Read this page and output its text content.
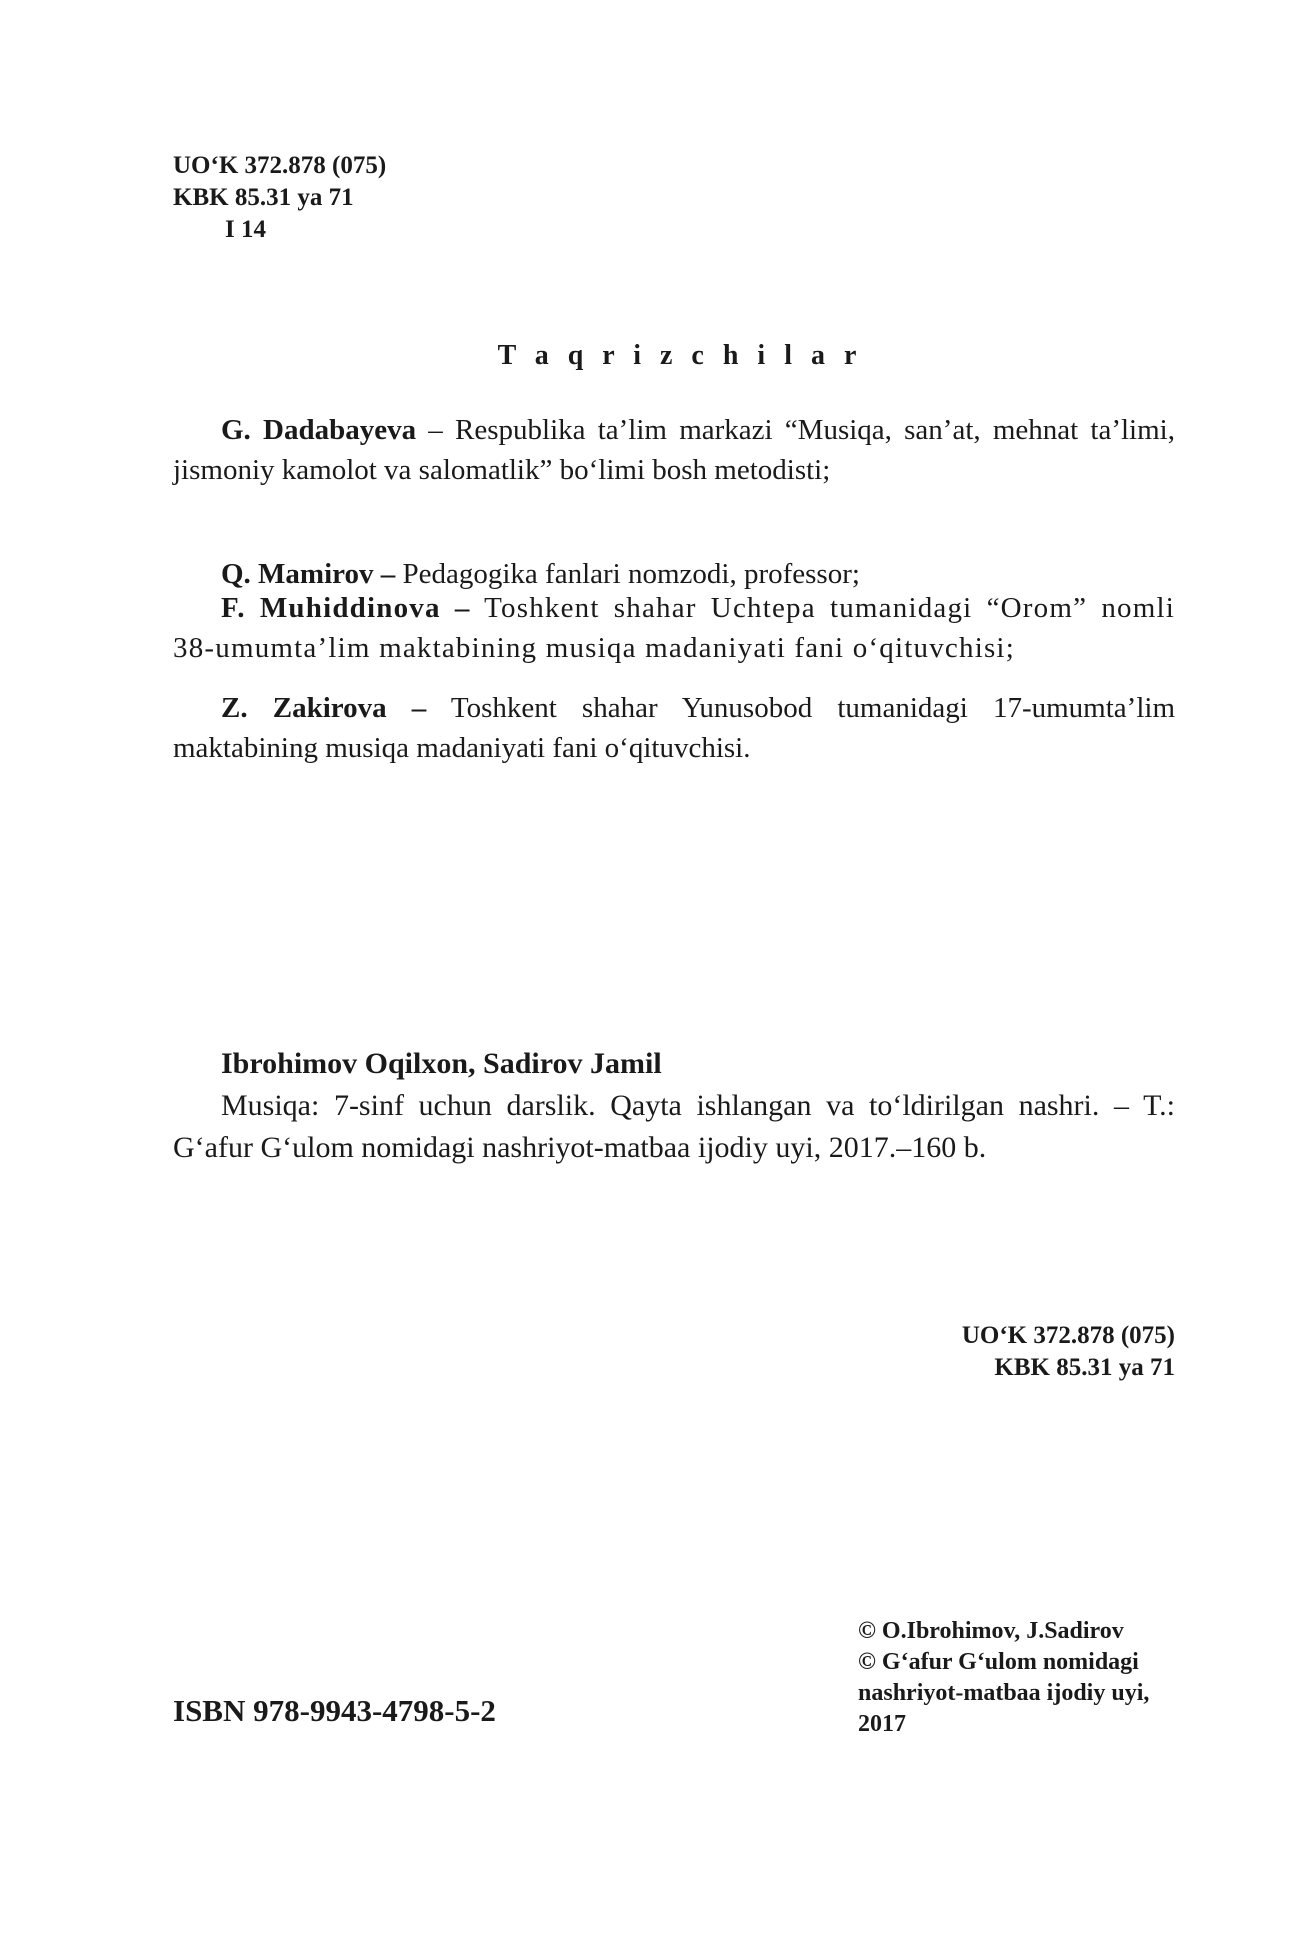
UO‘K 372.878 (075)
KBK 85.31 ya 71
I 14
T a q r i z c h i l a r
G. Dadabayeva – Respublika ta’lim markazi “Musiqa, san’at, mehnat ta’limi, jismoniy kamolot va salomatlik” bo‘limi bosh metodisti;
Q. Mamirov – Pedagogika fanlari nomzodi, professor;
F. Muhiddinova – Toshkent shahar Uchtepa tumanidagi “Orom” nomli 38-umumta’lim maktabining musiqa madaniyati fani o‘qituvchisi;
Z. Zakirova – Toshkent shahar Yunusobod tumanidagi 17-umumta’lim maktabining musiqa madaniyati fani o‘qituvchisi.
Ibrohimov Oqilxon, Sadirov Jamil
Musiqa: 7-sinf uchun darslik. Qayta ishlangan va to‘ldirilgan nashri. – T.: G‘afur G‘ulom nomidagi nashriyot-matbaa ijodiy uyi, 2017.–160 b.
UO‘K 372.878 (075)
KBK 85.31 ya 71
© O.Ibrohimov, J.Sadirov
© G‘afur G‘ulom nomidagi
nashriyot-matbaa ijodiy uyi,
2017
ISBN 978-9943-4798-5-2
